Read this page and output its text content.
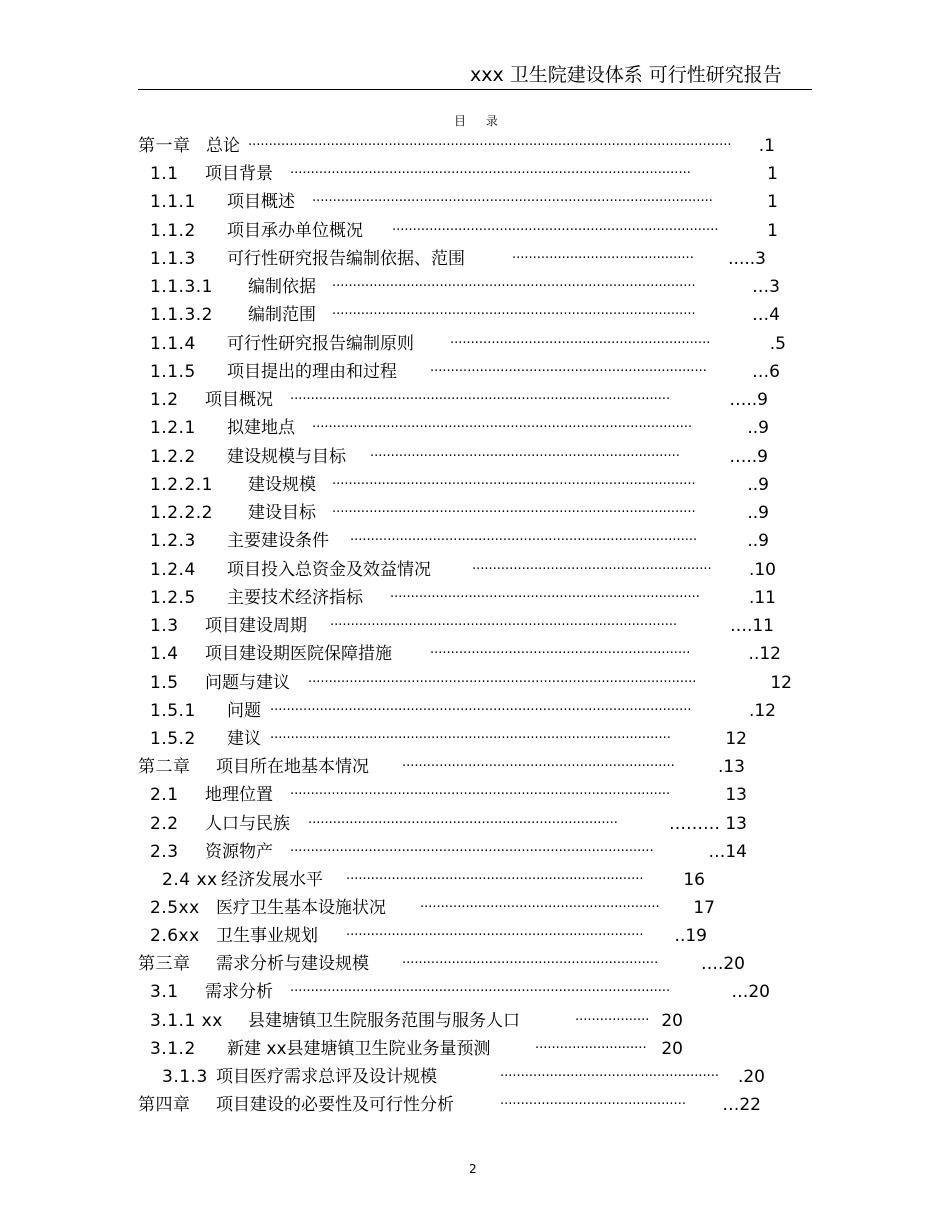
xxx 卫生院建设体系 可行性研究报告
目 录
第一章 总论 ·····················································································································	.1
1.1 项目背景 ·································································································	1
1.1.1 项目概述 ·································································································	1
1.1.2 项目承办单位概况 ···············································································	1
1.1.3 可行性研究报告编制依据、范围	············································ .....3
1.1.3.1 编制依据 ························································································	…3
1.1.3.2 编制范围 ························································································	…4
1.1.4 可行性研究报告编制原则	·······························································	.5
1.1.5 项目提出的理由和过程	···································································	…6
1.2 项目概况 ····························································································	…..9
1.2.1 拟建地点 ····························································································	..9
1.2.2 建设规模与目标 ···········································································	…..9
1.2.2.1 建设规模 ························································································	..9
1.2.2.2 建设目标 ························································································	..9
1.2.3 主要建设条件 ····················································································	..9
1.2.4 项目投入总资金及效益情况	·························································· .10
1.2.5 主要技术经济指标 ···········································································	.11
1.3 项目建设周期 ····················································································	….11
1.4 项目建设期医院保障措施	·······························································	..12
1.5 问题与建议 ······························································································	12
1.5.1 问题 ······································································································	.12
1.5.2 建议 ·································································································	12
第二章 项目所在地基本情况	··································································	.13
2.1 地理位置 ····························································································	13
2.2 人口与民族 ···········································································	……… 13
2.3 资源物产 ························································································	…14
2.4 xx 经济发展水平 ········································································	16
2.5xx 医疗卫生基本设施状况	·························································· 17
2.6xx 卫生事业规划 ········································································	..19
第三章 需求分析与建设规模	······························································	….20
3.1 需求分析 ····························································································	…20
3.1.1 xx 县建塘镇卫生院服务范围与服务人口	·················· 20
3.1.2 新建 xx县建塘镇卫生院业务量预测	··························· 20
3.1.3 项目医疗需求总评及设计规模	····················································· .20
第四章 项目建设的必要性及可行性分析	············································· …22
2
